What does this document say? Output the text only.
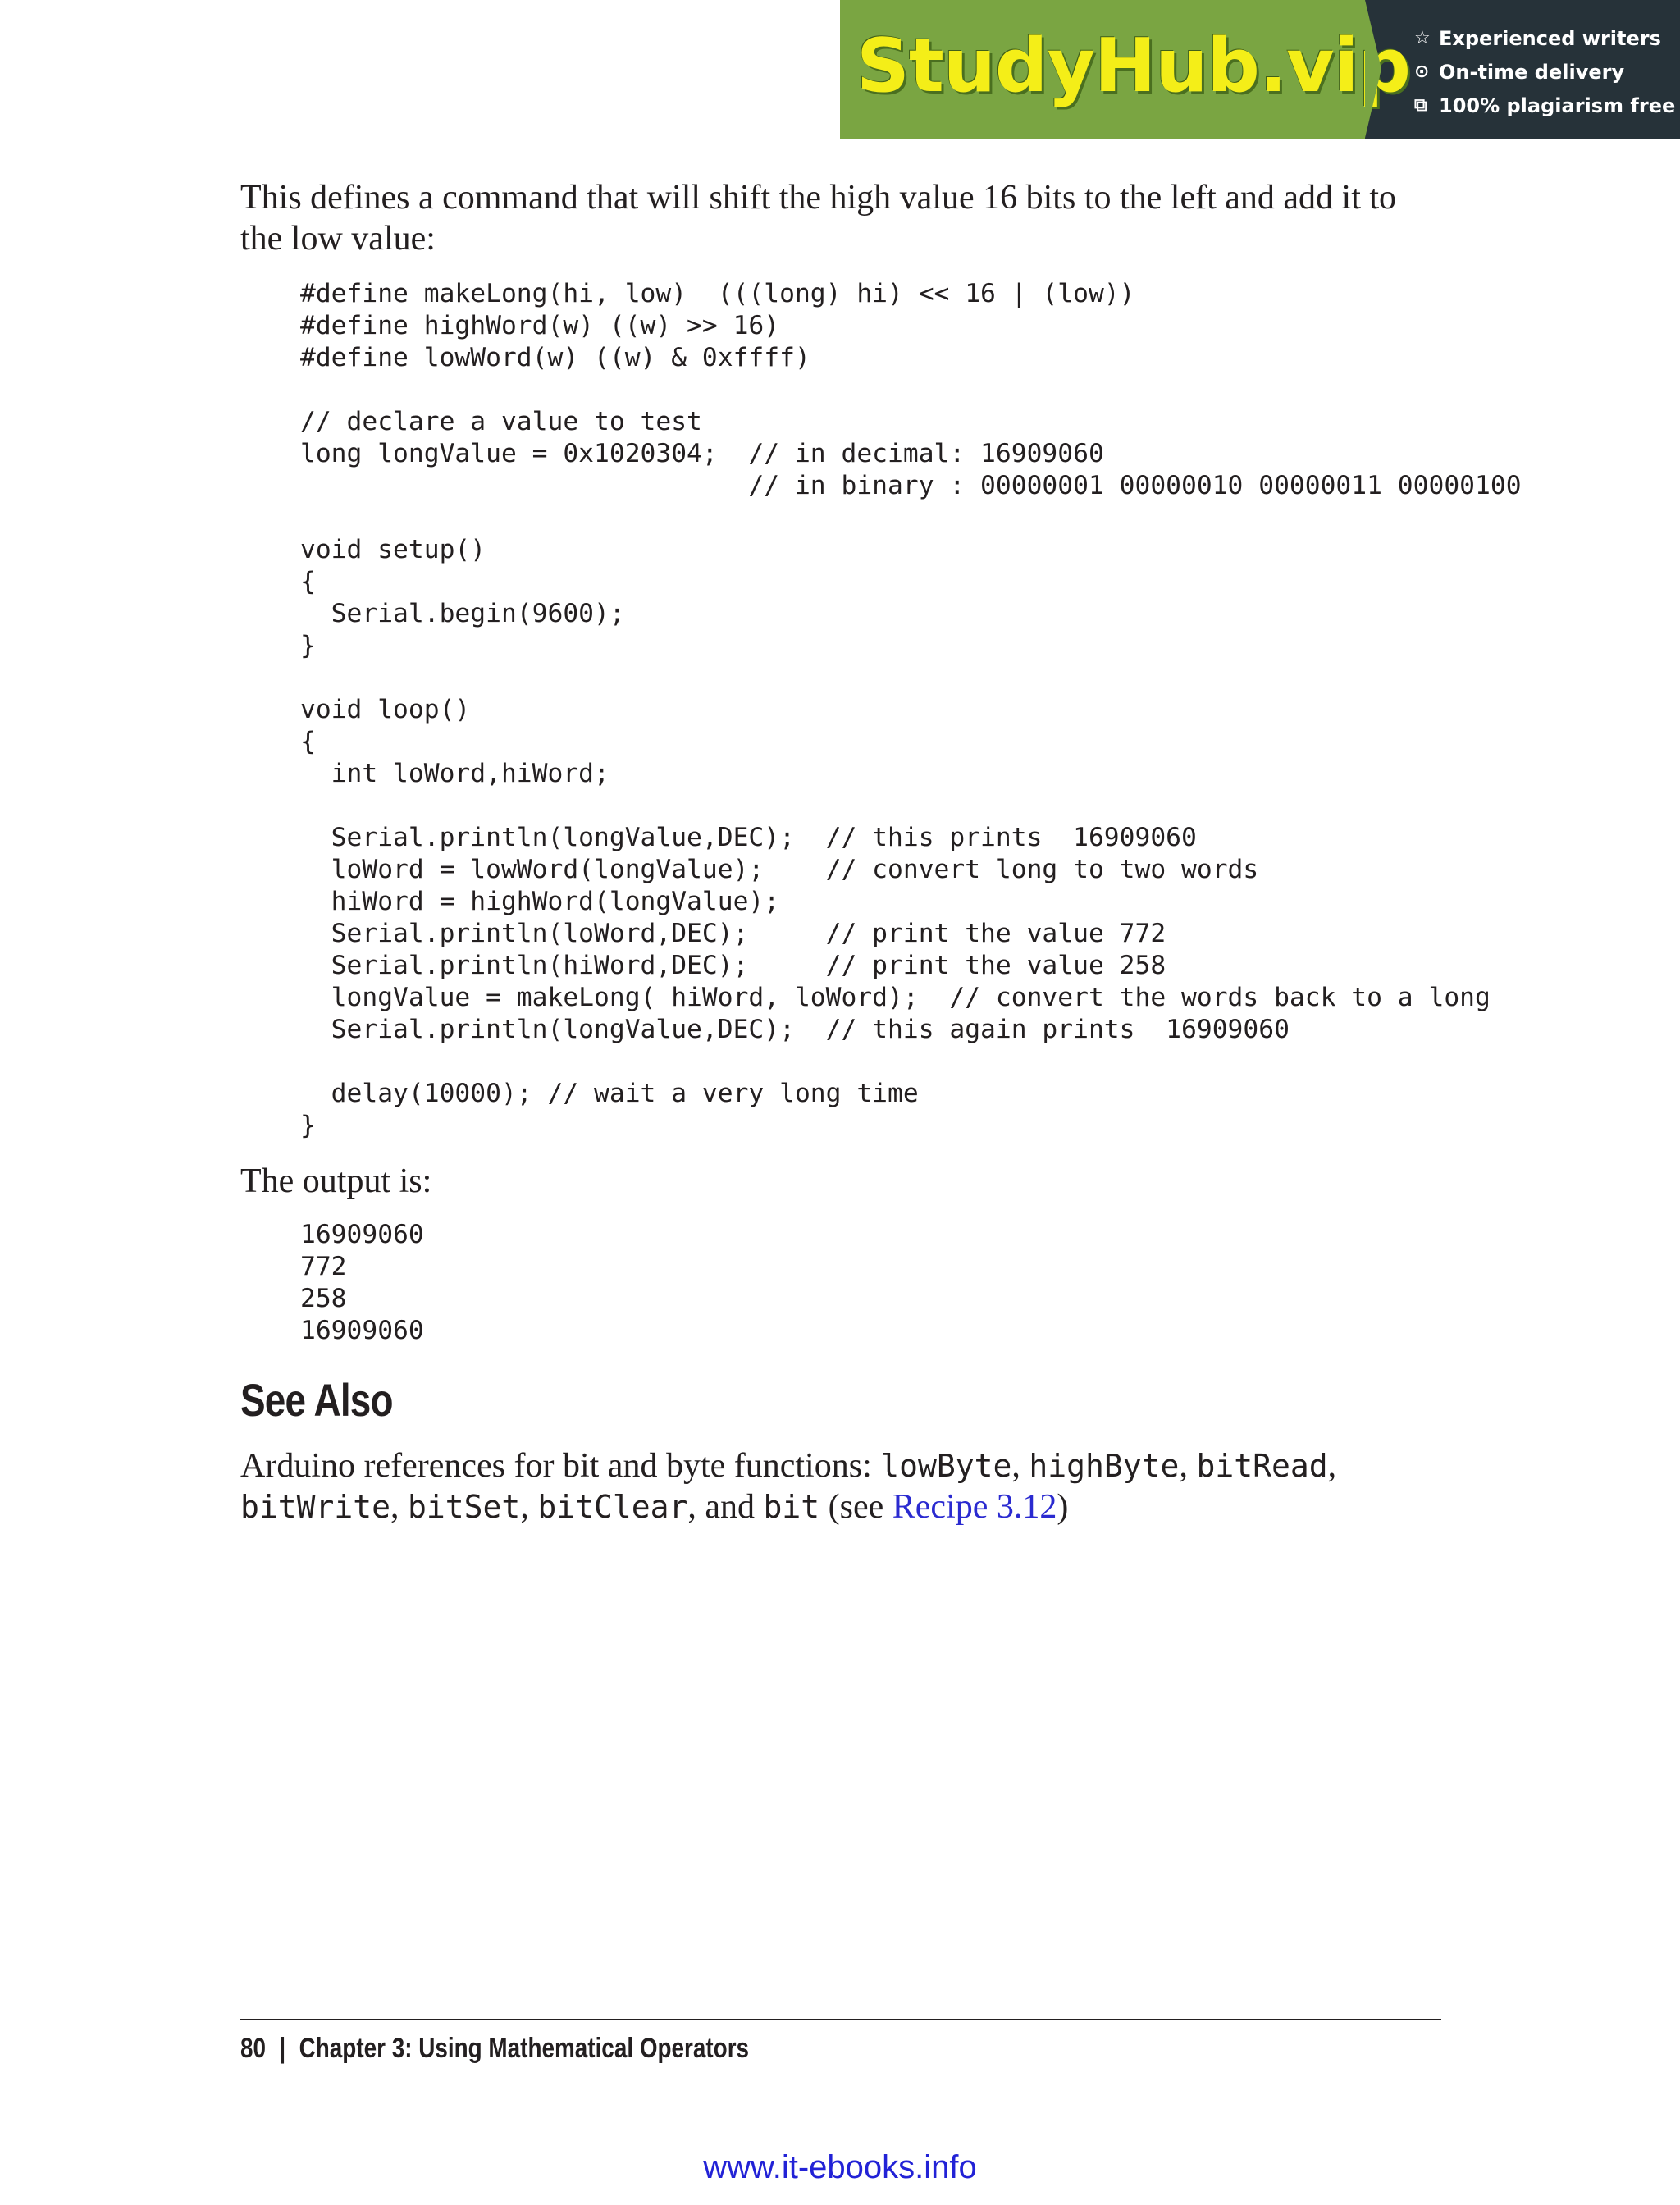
StudyHub.vip ☆ Experienced writers
⊙ On-time delivery
⧉ 100% plagiarism free

This defines a command that will shift the high value 16 bits to the left and add it to the low value:

#define makeLong(hi, low)  (((long) hi) << 16 | (low))
#define highWord(w) ((w) >> 16)
#define lowWord(w) ((w) & 0xffff)

// declare a value to test
long longValue = 0x1020304;  // in decimal: 16909060
// in binary : 00000001 00000010 00000011 00000100

void setup()
{
Serial.begin(9600);
}

void loop()
{
int loWord,hiWord;

Serial.println(longValue,DEC);  // this prints  16909060
loWord = lowWord(longValue);    // convert long to two words
hiWord = highWord(longValue);
Serial.println(loWord,DEC);     // print the value 772
Serial.println(hiWord,DEC);     // print the value 258
longValue = makeLong( hiWord, loWord);  // convert the words back to a long
Serial.println(longValue,DEC);  // this again prints  16909060

delay(10000); // wait a very long time
}

The output is:

16909060
772
258
16909060
See Also

Arduino references for bit and byte functions: lowByte, highByte, bitRead, bitWrite, bitSet, bitClear, and bit (see Recipe 3.12)

80 | Chapter 3: Using Mathematical Operators
www.it-ebooks.info
